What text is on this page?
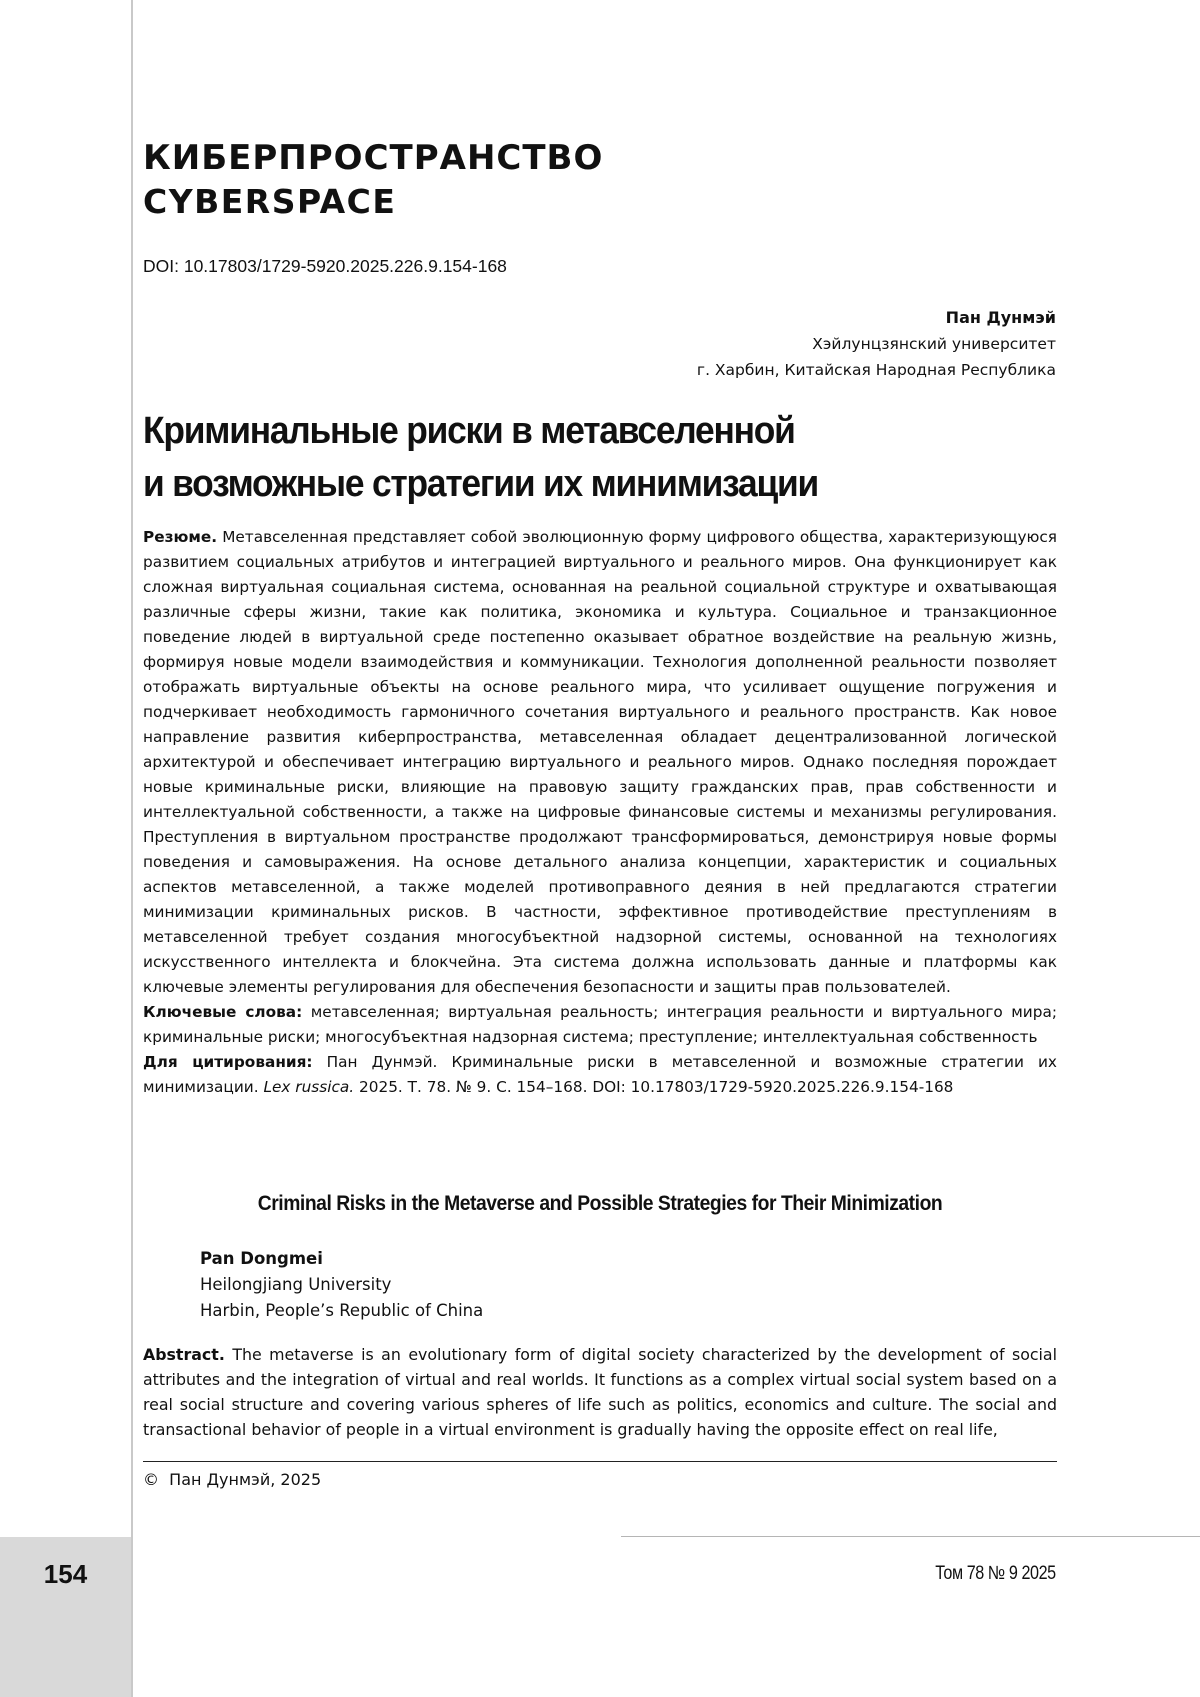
КИБЕРПРОСТРАНСТВО
CYBERSPACE
DOI: 10.17803/1729-5920.2025.226.9.154-168
Пан Дунмэй
Хэйлунцзянский университет
г. Харбин, Китайская Народная Республика
Криминальные риски в метавселенной
и возможные стратегии их минимизации

Резюме. Метавселенная представляет собой эволюционную форму цифрового общества, характеризующуюся развитием социальных атрибутов и интеграцией виртуального и реального миров. Она функционирует как сложная виртуальная социальная система, основанная на реальной социальной структуре и охватывающая различные сферы жизни, такие как политика, экономика и культура. Социальное и транзакционное поведение людей в виртуальной среде постепенно оказывает обратное воздействие на реальную жизнь, формируя новые модели взаимодействия и коммуникации. Технология дополненной реальности позволяет отображать виртуальные объекты на основе реального мира, что усиливает ощущение погружения и подчеркивает необходимость гармоничного сочетания виртуального и реального пространств. Как новое направление развития киберпространства, метавселенная обладает децентрализованной логической архитектурой и обеспечивает интеграцию виртуального и реального миров. Однако последняя порождает новые криминальные риски, влияющие на правовую защиту гражданских прав, прав собственности и интеллектуальной собственности, а также на цифровые финансовые системы и механизмы регулирования. Преступления в виртуальном пространстве продолжают трансформироваться, демонстрируя новые формы поведения и самовыражения. На основе детального анализа концепции, характеристик и социальных аспектов метавселенной, а также моделей противоправного деяния в ней предлагаются стратегии минимизации криминальных рисков. В частности, эффективное противодействие преступлениям в метавселенной требует создания многосубъектной надзорной системы, основанной на технологиях искусственного интеллекта и блокчейна. Эта система должна использовать данные и платформы как ключевые элементы регулирования для обеспечения безопасности и защиты прав пользователей.

Ключевые слова: метавселенная; виртуальная реальность; интеграция реальности и виртуального мира; криминальные риски; многосубъектная надзорная система; преступление; интеллектуальная собственность

Для цитирования: Пан Дунмэй. Криминальные риски в метавселенной и возможные стратегии их минимизации. Lex russica. 2025. Т. 78. № 9. С. 154–168. DOI: 10.17803/1729-5920.2025.226.9.154-168

Criminal Risks in the Metaverse and Possible Strategies for Their Minimization
Pan Dongmei
Heilongjiang University
Harbin, People’s Republic of China

Abstract. The metaverse is an evolutionary form of digital society characterized by the development of social attributes and the integration of virtual and real worlds. It functions as a complex virtual social system based on a real social structure and covering various spheres of life such as politics, economics and culture. The social and transactional behavior of people in a virtual environment is gradually having the opposite effect on real life,

© Пан Дунмэй, 2025
154	Том 78 № 9 2025
